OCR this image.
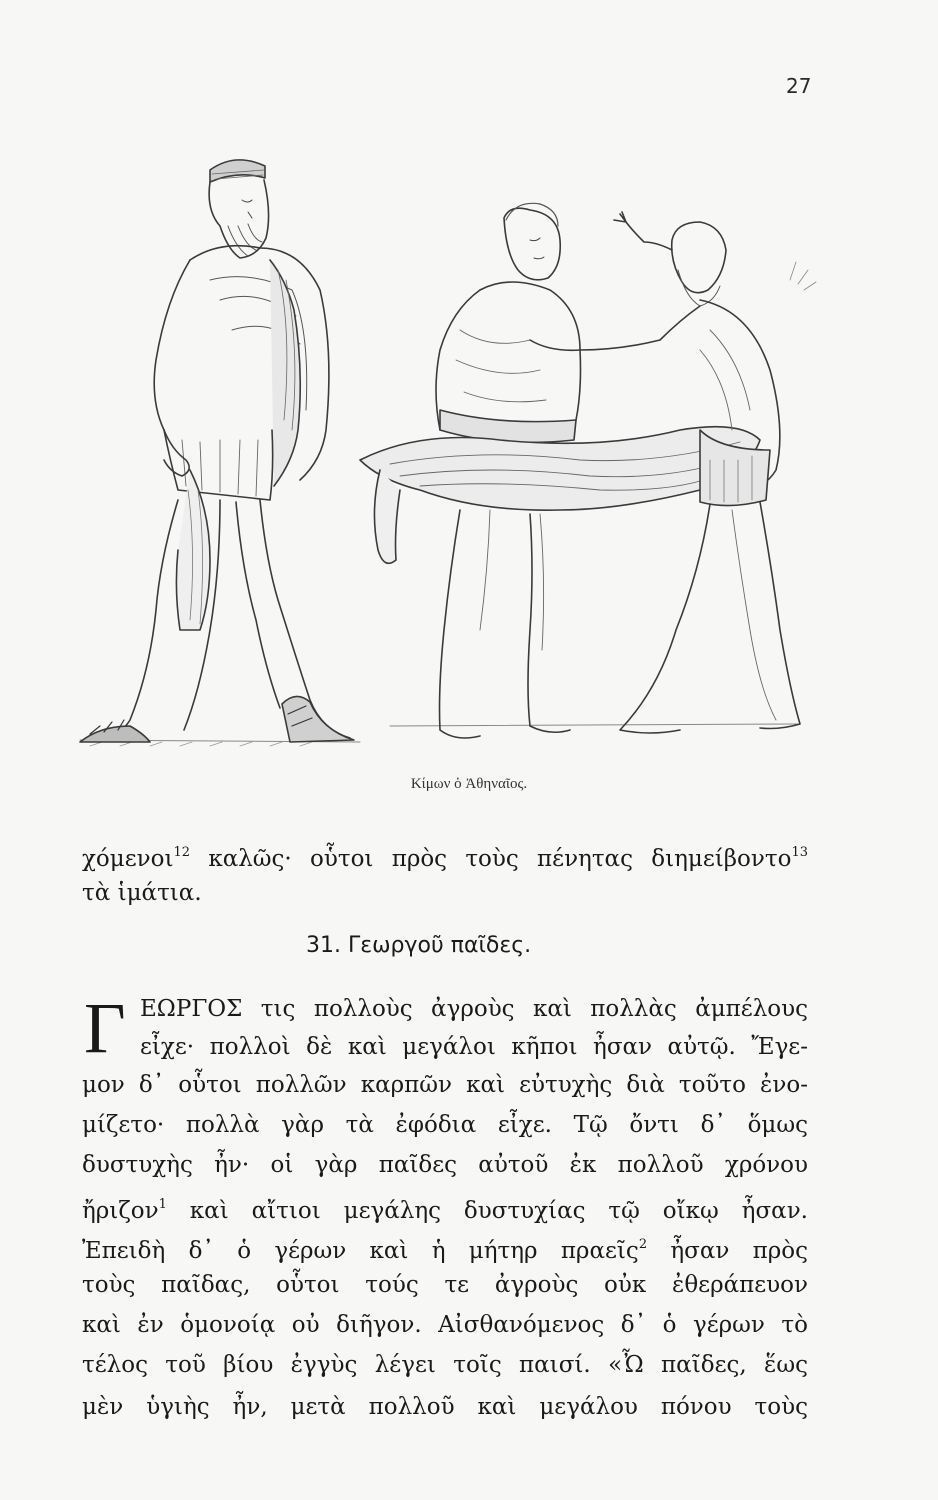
27
Κίμων ὁ Ἀθηναῖος.
χόμενοι$^{12}$ καλῶς· οὗτοι πρὸς τοὺς πένητας διημείβοντο$^{13}$
τὰ ἱμάτια.
31. Γεωργοῦ παῖδες.
Γ ΕΩΡΓΟΣ τις πολλοὺς ἀγροὺς καὶ πολλὰς ἀμπέλους
εἶχε· πολλοὶ δὲ καὶ μεγάλοι κῆποι ἦσαν αὐτῷ. Ἔγε-
μον δ᾽ οὗτοι πολλῶν καρπῶν καὶ εὐτυχὴς διὰ τοῦτο ἐνο-
μίζετο· πολλὰ γὰρ τὰ ἐφόδια εἶχε. Τῷ ὄντι δ᾽ ὅμως
δυστυχὴς ἦν· οἱ γὰρ παῖδες αὐτοῦ ἐκ πολλοῦ χρόνου
ἤριζον$^1$ καὶ αἴτιοι μεγάλης δυστυχίας τῷ οἴκῳ ἦσαν.
Ἐπειδὴ δ᾽ ὁ γέρων καὶ ἡ μήτηρ πραεῖς$^2$ ἦσαν πρὸς
τοὺς παῖδας, οὗτοι τούς τε ἀγροὺς οὐκ ἐθεράπευον
καὶ ἐν ὁμονοίᾳ οὐ διῆγον. Αἰσθανόμενος δ᾽ ὁ γέρων τὸ
τέλος τοῦ βίου ἐγγὺς λέγει τοῖς παισί. «Ὦ παῖδες, ἕως
μὲν ὑγιὴς ἦν, μετὰ πολλοῦ καὶ μεγάλου πόνου τοὺς
